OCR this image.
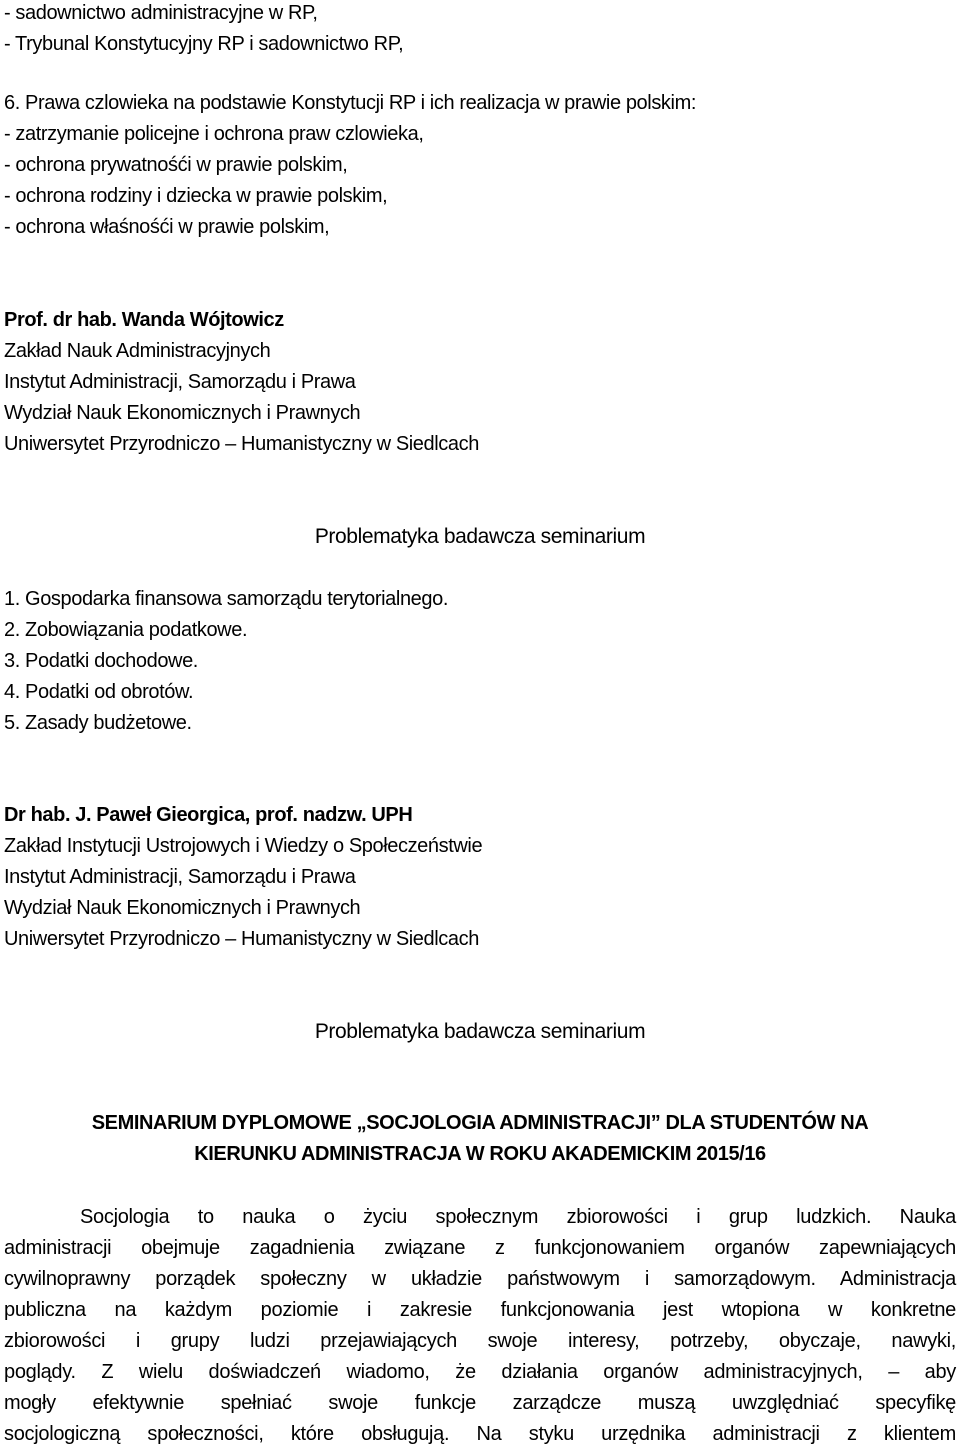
- sadownictwo administracyjne w RP,
- Trybunal Konstytucyjny RP i sadownictwo RP,
6. Prawa czlowieka na podstawie Konstytucji RP i ich realizacja w prawie polskim:
- zatrzymanie policejne i ochrona praw czlowieka,
- ochrona prywatnośći w prawie polskim,
- ochrona rodziny i dziecka w prawie polskim,
- ochrona właśnośći w prawie polskim,
Prof. dr hab. Wanda Wójtowicz
Zakład Nauk Administracyjnych
Instytut Administracji, Samorządu i Prawa
Wydział Nauk Ekonomicznych i Prawnych
Uniwersytet Przyrodniczo – Humanistyczny w Siedlcach
Problematyka badawcza seminarium
1. Gospodarka finansowa samorządu terytorialnego.
2. Zobowiązania podatkowe.
3. Podatki dochodowe.
4. Podatki od obrotów.
5. Zasady budżetowe.
Dr hab. J. Paweł Gieorgica, prof. nadzw. UPH
Zakład Instytucji Ustrojowych i Wiedzy o Społeczeństwie
Instytut Administracji, Samorządu i Prawa
Wydział Nauk Ekonomicznych i Prawnych
Uniwersytet Przyrodniczo – Humanistyczny w Siedlcach
Problematyka badawcza seminarium
SEMINARIUM DYPLOMOWE „SOCJOLOGIA ADMINISTRACJI” DLA STUDENTÓW NA
KIERUNKU ADMINISTRACJA W ROKU AKADEMICKIM 2015/16
Socjologia to nauka o życiu społecznym zbiorowości i grup ludzkich. Nauka
administracji obejmuje zagadnienia związane z funkcjonowaniem organów zapewniających
cywilnoprawny porządek społeczny w układzie państwowym i samorządowym. Administracja
publiczna na każdym poziomie i zakresie funkcjonowania jest wtopiona w konkretne
zbiorowości i grupy ludzi przejawiających swoje interesy, potrzeby, obyczaje, nawyki,
poglądy. Z wielu doświadczeń wiadomo, że działania organów administracyjnych, – aby
mogły efektywnie spełniać swoje funkcje zarządcze muszą uwzględniać specyfikę
socjologiczną społeczności, które obsługują. Na styku urzędnika administracji z klientem
